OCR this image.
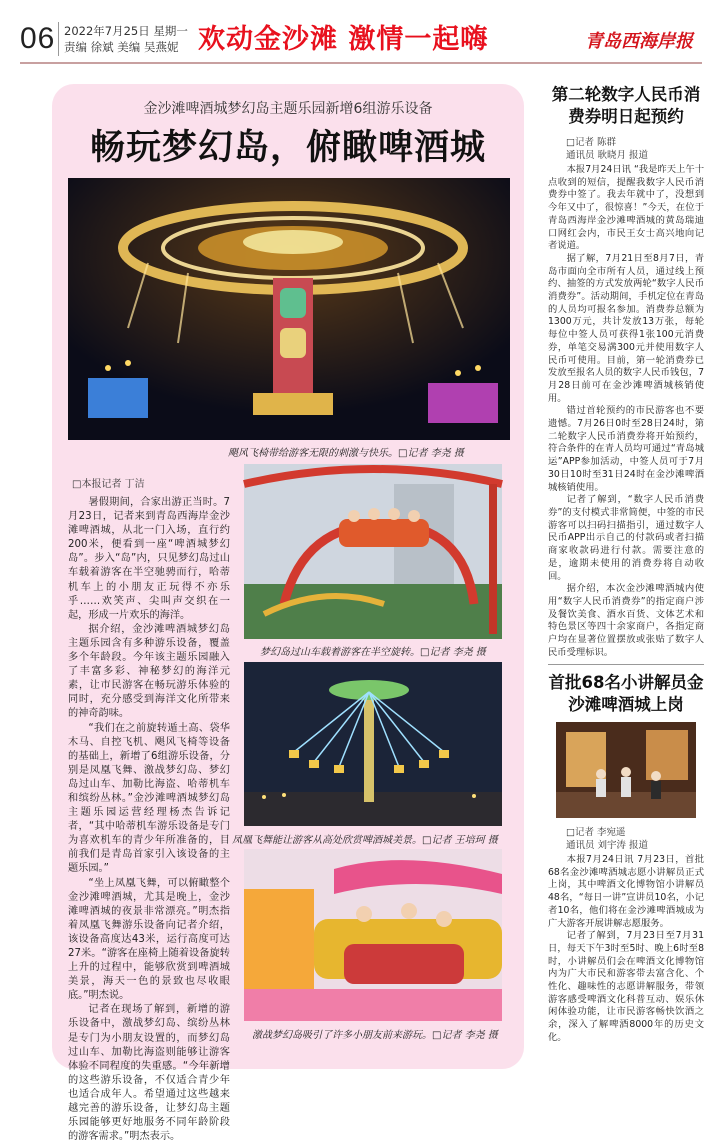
06 2022年7月25日 星期一
责编 徐斌 美编 吴燕妮 欢动金沙滩 激情一起嗨	青岛西海岸报
金沙滩啤酒城梦幻岛主题乐园新增6组游乐设备
畅玩梦幻岛，俯瞰啤酒城
飓风飞椅带给游客无限的刺激与快乐。□记者 李尧 摄
□本报记者 丁洁
梦幻岛过山车载着游客在半空旋转。□记者 李尧 摄
凤凰飞舞能让游客从高处欣赏啤酒城美景。□记者 王培珂 摄
激战梦幻岛吸引了许多小朋友前来游玩。□记者 李尧 摄

暑假期间，合家出游正当时。7月23日，记者来到青岛西海岸金沙滩啤酒城，从北一门入场，直行约200米，便看到一座“啤酒城梦幻岛”。步入“岛”内，只见梦幻岛过山车载着游客在半空驰骋而行，哈蒂机车上的小朋友正玩得不亦乐乎……欢笑声、尖叫声交织在一起，形成一片欢乐的海洋。

据介绍，金沙滩啤酒城梦幻岛主题乐园含有多种游乐设备，覆盖多个年龄段。今年该主题乐园融入了丰富多彩、神秘梦幻的海洋元素，让市民游客在畅玩游乐体验的同时，充分感受到海洋文化所带来的神奇韵味。

“我们在之前旋转遁土高、袋华木马、自控飞机、飓风飞椅等设备的基础上，新增了6组游乐设备，分别是凤凰飞舞、激战梦幻岛、梦幻岛过山车、加勒比海盗、哈蒂机车和缤纷丛林。”金沙滩啤酒城梦幻岛主题乐园运营经理杨杰告诉记者，“其中哈蒂机车游乐设备是专门为喜欢机车的青少年所准备的，目前我们是青岛首家引入该设备的主题乐园。”

“坐上凤凰飞舞，可以俯瞰整个金沙滩啤酒城，尤其是晚上，金沙滩啤酒城的夜景非常漂亮。”明杰指着凤凰飞舞游乐设备向记者介绍，该设备高度达43米，运行高度可达27米。“游客在座椅上随着设备旋转上升的过程中，能够欣赏到啤酒城美景，海天一色的景致也尽收眼底。”明杰说。

记者在现场了解到，新增的游乐设备中，激战梦幻岛、缤纷丛林是专门为小朋友设置的，而梦幻岛过山车、加勒比海盗则能够让游客体验不同程度的失重感。“今年新增的这些游乐设备，不仅适合青少年也适合成年人。希望通过这些越来越完善的游乐设备，让梦幻岛主题乐园能够更好地服务不同年龄阶段的游客需求。”明杰表示。

第二轮数字人民币消费券明日起预约
□记者 陈群
通讯员 耿晓月 报道

本报7月24日讯 “我是昨天上午十点收到的短信，提醒我数字人民币消费券中签了。我去年就中了，没想到今年又中了，很惊喜！”今天，在位于青岛西海岸金沙滩啤酒城的黄岛瑞迪口网红会内，市民王女士高兴地向记者说道。

据了解，7月21日至8月7日，青岛市面向全市所有人员，通过线上预约、抽签的方式发放两轮“数字人民币消费券”。活动期间，手机定位在青岛的人员均可报名参加。消费券总额为1300万元，共计发放13万张，每轮每位中签人员可获得1张100元消费券，单笔交易满300元并使用数字人民币可使用。目前，第一轮消费券已发放至报名人员的数字人民币钱包，7月28日前可在金沙滩啤酒城核销使用。

错过首轮预约的市民游客也不要遗憾。7月26日0时至28日24时，第二轮数字人民币消费券将开始预约，符合条件的在青人员均可通过“青岛城运”APP参加活动，中签人员可于7月30日10时至31日24时在金沙滩啤酒城核销使用。

记者了解到，“数字人民币消费券”的支付模式非常简便，中签的市民游客可以扫码扫描指引，通过数字人民币APP出示自己的付款码或者扫描商家收款码进行付款。需要注意的是，逾期未使用的消费券将自动收回。

据介绍，本次金沙滩啤酒城内使用“数字人民币消费券”的指定商户涉及餐饮美食、酒水百货、文体艺术和特色景区等四十余家商户，各指定商户均在显著位置摆放或张贴了数字人民币受理标识。

首批68名小讲解员金沙滩啤酒城上岗
□记者 李宛遥
通讯员 刘宇涛 报道

本报7月24日讯 7月23日，首批68名金沙滩啤酒城志愿小讲解员正式上岗，其中啤酒文化博物馆小讲解员48名，“每日一讲”宣讲员10名，小记者10名，他们将在金沙滩啤酒城成为广大游客开展讲解志愿服务。

记者了解到，7月23日至7月31日，每天下午3时至5时、晚上6时至8时，小讲解员们会在啤酒文化博物馆内为广大市民和游客带去富含化、个性化、趣味性的志愿讲解服务，带领游客感受啤酒文化科普互动、娱乐休闲体验功能，让市民游客畅快饮酒之余，深入了解啤酒8000年的历史文化。
